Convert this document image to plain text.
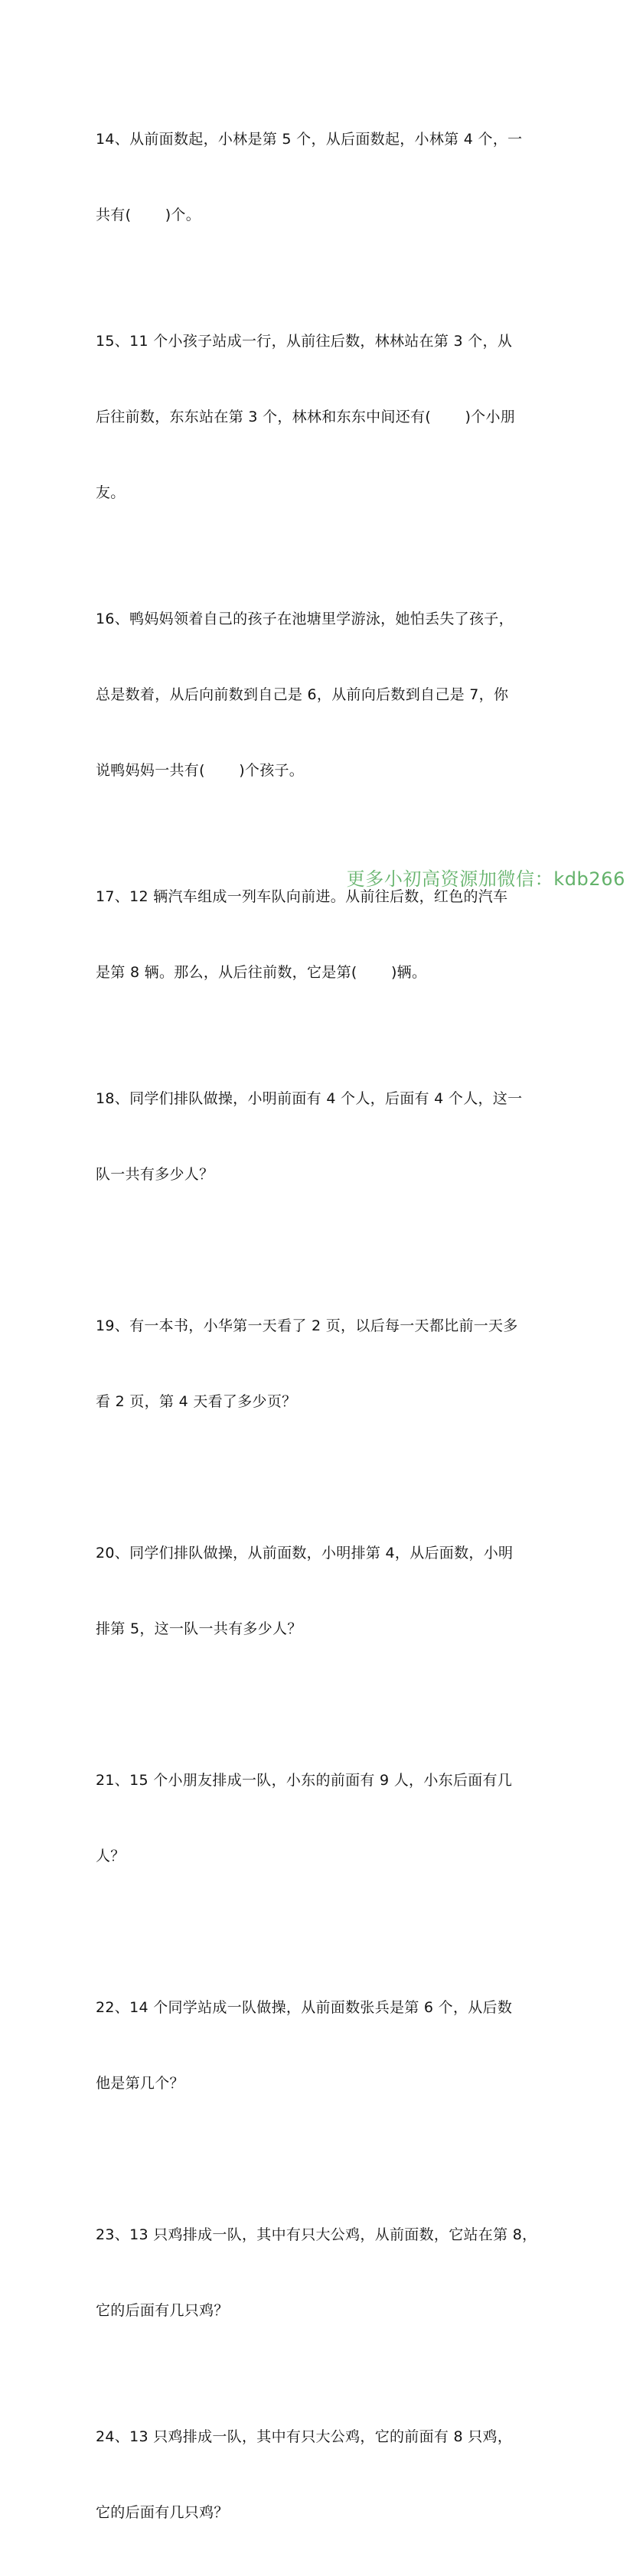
14、从前面数起，小林是第 5 个，从后面数起，小林第 4 个，一

共有(       )个。

15、11 个小孩子站成一行，从前往后数，林林站在第 3 个，从

后往前数，东东站在第 3 个，林林和东东中间还有(       )个小朋

友。

16、鸭妈妈领着自己的孩子在池塘里学游泳，她怕丢失了孩子，

总是数着，从后向前数到自己是 6，从前向后数到自己是 7，你

说鸭妈妈一共有(       )个孩子。

17、12 辆汽车组成一列车队向前进。从前往后数，红色的汽车

是第 8 辆。那么，从后往前数，它是第(       )辆。

18、同学们排队做操，小明前面有 4 个人，后面有 4 个人，这一

队一共有多少人？

19、有一本书，小华第一天看了 2 页，以后每一天都比前一天多

看 2 页，第 4 天看了多少页？

20、同学们排队做操，从前面数，小明排第 4，从后面数，小明

排第 5，这一队一共有多少人？

21、15 个小朋友排成一队，小东的前面有 9 人，小东后面有几

人？

22、14 个同学站成一队做操，从前面数张兵是第 6 个，从后数

他是第几个？

23、13 只鸡排成一队，其中有只大公鸡，从前面数，它站在第 8，

它的后面有几只鸡？

24、13 只鸡排成一队，其中有只大公鸡，它的前面有 8 只鸡，

它的后面有几只鸡？

更多小初高资源加微信：kdb266
